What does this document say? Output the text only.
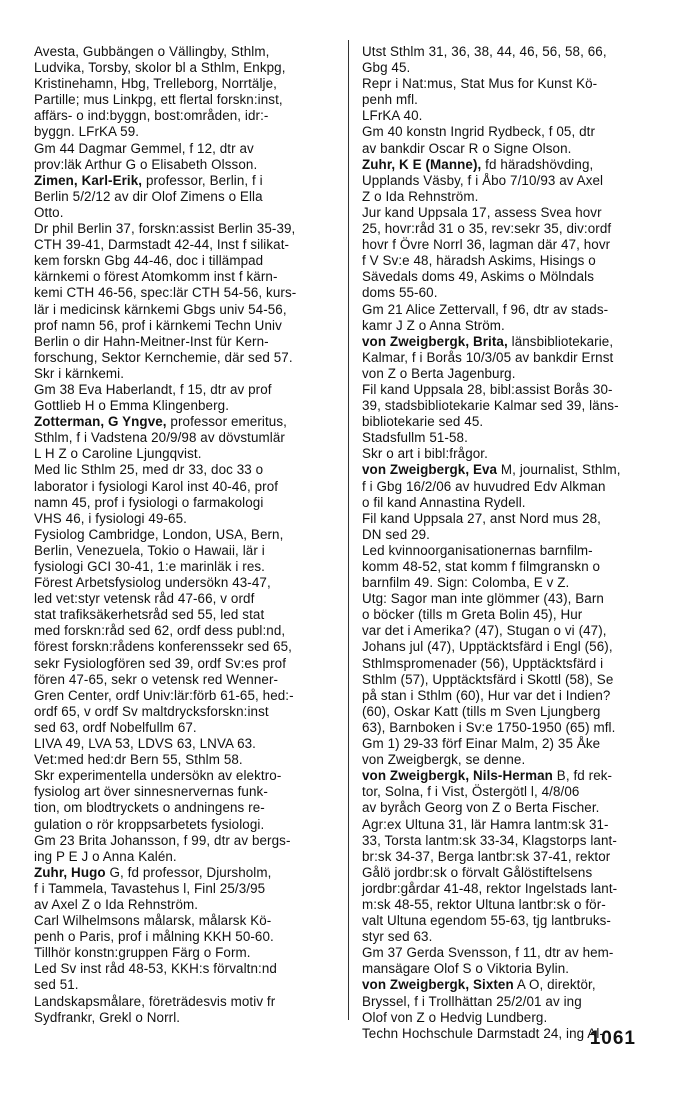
Avesta, Gubbängen o Vällingby, Sthlm,
Ludvika, Torsby, skolor bl a Sthlm, Enkpg,
Kristinehamn, Hbg, Trelleborg, Norrtälje,
Partille; mus Linkpg, ett flertal forskn:inst,
affärs- o ind:byggn, bost:områden, idr:-
byggn. LFrKA 59.
Gm 44 Dagmar Gemmel, f 12, dtr av
prov:läk Arthur G o Elisabeth Olsson.
Zimen, Karl-Erik, professor, Berlin, f i
Berlin 5/2/12 av dir Olof Zimens o Ella
Otto.
Dr phil Berlin 37, forskn:assist Berlin 35-39,
CTH 39-41, Darmstadt 42-44, Inst f silikat-
kem forskn Gbg 44-46, doc i tillämpad
kärnkemi o förest Atomkomm inst f kärn-
kemi CTH 46-56, spec:lär CTH 54-56, kurs-
lär i medicinsk kärnkemi Gbgs univ 54-56,
prof namn 56, prof i kärnkemi Techn Univ
Berlin o dir Hahn-Meitner-Inst für Kern-
forschung, Sektor Kernchemie, där sed 57.
Skr i kärnkemi.
Gm 38 Eva Haberlandt, f 15, dtr av prof
Gottlieb H o Emma Klingenberg.
Zotterman, G Yngve, professor emeritus,
Sthlm, f i Vadstena 20/9/98 av dövstumlär
L H Z o Caroline Ljungqvist.
Med lic Sthlm 25, med dr 33, doc 33 o
laborator i fysiologi Karol inst 40-46, prof
namn 45, prof i fysiologi o farmakologi
VHS 46, i fysiologi 49-65.
Fysiolog Cambridge, London, USA, Bern,
Berlin, Venezuela, Tokio o Hawaii, lär i
fysiologi GCI 30-41, 1:e marinläk i res.
Förest Arbetsfysiolog undersökn 43-47,
led vet:styr vetensk råd 47-66, v ordf
stat trafiksäkerhetsråd sed 55, led stat
med forskn:råd sed 62, ordf dess publ:nd,
förest forskn:rådens konferenssekr sed 65,
sekr Fysiologfören sed 39, ordf Sv:es prof
fören 47-65, sekr o vetensk red Wenner-
Gren Center, ordf Univ:lär:förb 61-65, hed:-
ordf 65, v ordf Sv maltdrycksforskn:inst
sed 63, ordf Nobelfullm 67.
LIVA 49, LVA 53, LDVS 63, LNVA 63.
Vet:med hed:dr Bern 55, Sthlm 58.
Skr experimentella undersökn av elektro-
fysiolog art över sinnesnervernas funk-
tion, om blodtryckets o andningens re-
gulation o rör kroppsarbetets fysiologi.
Gm 23 Brita Johansson, f 99, dtr av bergs-
ing P E J o Anna Kalén.
Zuhr, Hugo G, fd professor, Djursholm,
f i Tammela, Tavastehus l, Finl 25/3/95
av Axel Z o Ida Rehnström.
Carl Wilhelmsons målarsk, målarsk Kö-
penh o Paris, prof i målning KKH 50-60.
Tillhör konstn:gruppen Färg o Form.
Led Sv inst råd 48-53, KKH:s förvaltn:nd
sed 51.
Landskapsmålare, företrädesvis motiv fr
Sydfrankr, Grekl o Norrl.
Utst Sthlm 31, 36, 38, 44, 46, 56, 58, 66,
Gbg 45.
Repr i Nat:mus, Stat Mus for Kunst Kö-
penh mfl.
LFrKA 40.
Gm 40 konstn Ingrid Rydbeck, f 05, dtr
av bankdir Oscar R o Signe Olson.
Zuhr, K E (Manne), fd häradshövding,
Upplands Väsby, f i Åbo 7/10/93 av Axel
Z o Ida Rehnström.
Jur kand Uppsala 17, assess Svea hovr
25, hovr:råd 31 o 35, rev:sekr 35, div:ordf
hovr f Övre Norrl 36, lagman där 47, hovr
f V Sv:e 48, häradsh Askims, Hisings o
Sävedals doms 49, Askims o Mölndals
doms 55-60.
Gm 21 Alice Zettervall, f 96, dtr av stads-
kamr J Z o Anna Ström.
von Zweigbergk, Brita, länsbibliotekarie,
Kalmar, f i Borås 10/3/05 av bankdir Ernst
von Z o Berta Jagenburg.
Fil kand Uppsala 28, bibl:assist Borås 30-
39, stadsbibliotekarie Kalmar sed 39, läns-
bibliotekarie sed 45.
Stadsfullm 51-58.
Skr o art i bibl:frågor.
von Zweigbergk, Eva M, journalist, Sthlm,
f i Gbg 16/2/06 av huvudred Edv Alkman
o fil kand Annastina Rydell.
Fil kand Uppsala 27, anst Nord mus 28,
DN sed 29.
Led kvinnoorganisationernas barnfilm-
komm 48-52, stat komm f filmgranskn o
barnfilm 49. Sign: Colomba, E v Z.
Utg: Sagor man inte glömmer (43), Barn
o böcker (tills m Greta Bolin 45), Hur
var det i Amerika? (47), Stugan o vi (47),
Johans jul (47), Upptäcktsfärd i Engl (56),
Sthlmspromenader (56), Upptäcktsfärd i
Sthlm (57), Upptäcktsfärd i Skottl (58), Se
på stan i Sthlm (60), Hur var det i Indien?
(60), Oskar Katt (tills m Sven Ljungberg
63), Barnboken i Sv:e 1750-1950 (65) mfl.
Gm 1) 29-33 förf Einar Malm, 2) 35 Åke
von Zweigbergk, se denne.
von Zweigbergk, Nils-Herman B, fd rek-
tor, Solna, f i Vist, Östergötl l, 4/8/06
av byråch Georg von Z o Berta Fischer.
Agr:ex Ultuna 31, lär Hamra lantm:sk 31-
33, Torsta lantm:sk 33-34, Klagstorps lant-
br:sk 34-37, Berga lantbr:sk 37-41, rektor
Gålö jordbr:sk o förvalt Gålöstiftelsens
jordbr:gårdar 41-48, rektor Ingelstads lant-
m:sk 48-55, rektor Ultuna lantbr:sk o för-
valt Ultuna egendom 55-63, tjg lantbruks-
styr sed 63.
Gm 37 Gerda Svensson, f 11, dtr av hem-
mansägare Olof S o Viktoria Bylin.
von Zweigbergk, Sixten A O, direktör,
Bryssel, f i Trollhättan 25/2/01 av ing
Olof von Z o Hedvig Lundberg.
Techn Hochschule Darmstadt 24, ing Al-
1061
